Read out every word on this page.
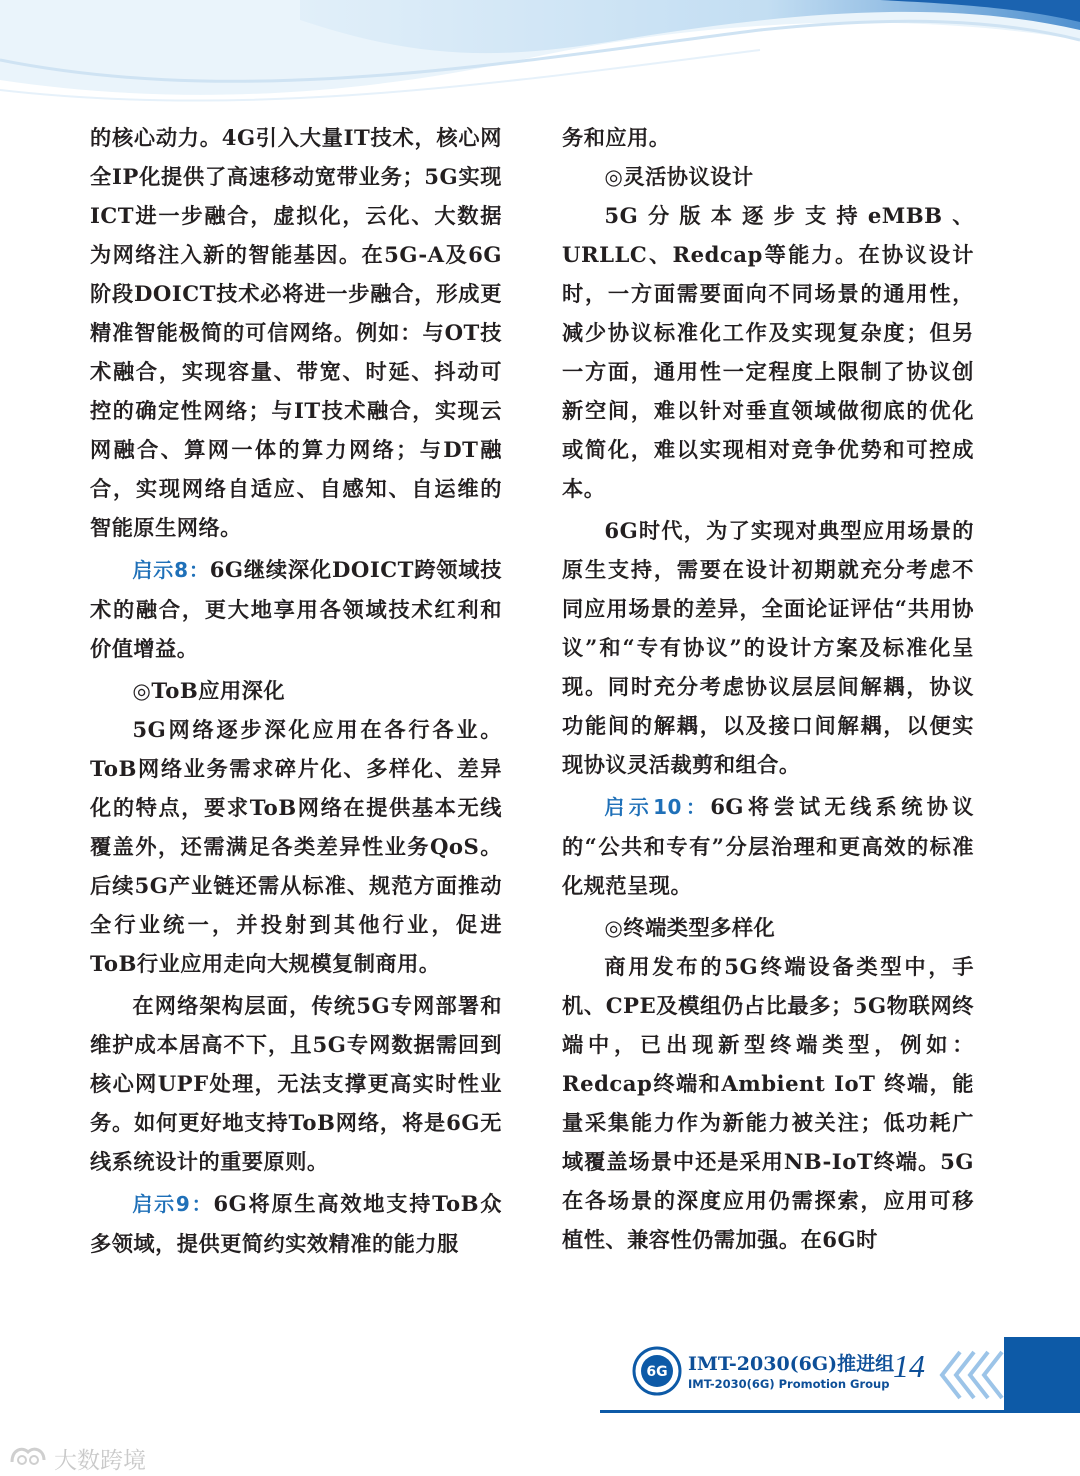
的核心动力。4G引入大量IT技术，核心网全IP化提供了高速移动宽带业务；5G实现ICT进一步融合，虚拟化，云化、大数据为网络注入新的智能基因。在5G-A及6G阶段DOICT技术必将进一步融合，形成更精准智能极简的可信网络。例如：与OT技术融合，实现容量、带宽、时延、抖动可控的确定性网络；与IT技术融合，实现云网融合、算网一体的算力网络；与DT融合，实现网络自适应、自感知、自运维的智能原生网络。

启示8：6G继续深化DOICT跨领域技术的融合，更大地享用各领域技术红利和价值增益。

◎ToB应用深化

5G网络逐步深化应用在各行各业。ToB网络业务需求碎片化、多样化、差异化的特点，要求ToB网络在提供基本无线覆盖外，还需满足各类差异性业务QoS。后续5G产业链还需从标准、规范方面推动全行业统一，并投射到其他行业，促进ToB行业应用走向大规模复制商用。

在网络架构层面，传统5G专网部署和维护成本居高不下，且5G专网数据需回到核心网UPF处理，无法支撑更高实时性业务。如何更好地支持ToB网络，将是6G无线系统设计的重要原则。

启示9：6G将原生高效地支持ToB众多领域，提供更简约实效精准的能力服

务和应用。

◎灵活协议设计

5G分版本逐步支持eMBB、URLLC、Redcap等能力。在协议设计时，一方面需要面向不同场景的通用性，减少协议标准化工作及实现复杂度；但另一方面，通用性一定程度上限制了协议创新空间，难以针对垂直领域做彻底的优化或简化，难以实现相对竞争优势和可控成本。

6G时代，为了实现对典型应用场景的原生支持，需要在设计初期就充分考虑不同应用场景的差异，全面论证评估“共用协议”和“专有协议”的设计方案及标准化呈现。同时充分考虑协议层层间解耦，协议功能间的解耦，以及接口间解耦，以便实现协议灵活裁剪和组合。

启示10：6G将尝试无线系统协议的“公共和专有”分层治理和更高效的标准化规范呈现。

◎终端类型多样化

商用发布的5G终端设备类型中，手机、CPE及模组仍占比最多；5G物联网终端中，已出现新型终端类型，例如：Redcap终端和Ambient IoT 终端，能量采集能力作为新能力被关注；低功耗广域覆盖场景中还是采用NB-IoT终端。5G在各场景的深度应用仍需探索，应用可移植性、兼容性仍需加强。在6G时

6G IMT-2030(6G)推进组
IMT-2030(6G) Promotion Group 14
大数跨境
